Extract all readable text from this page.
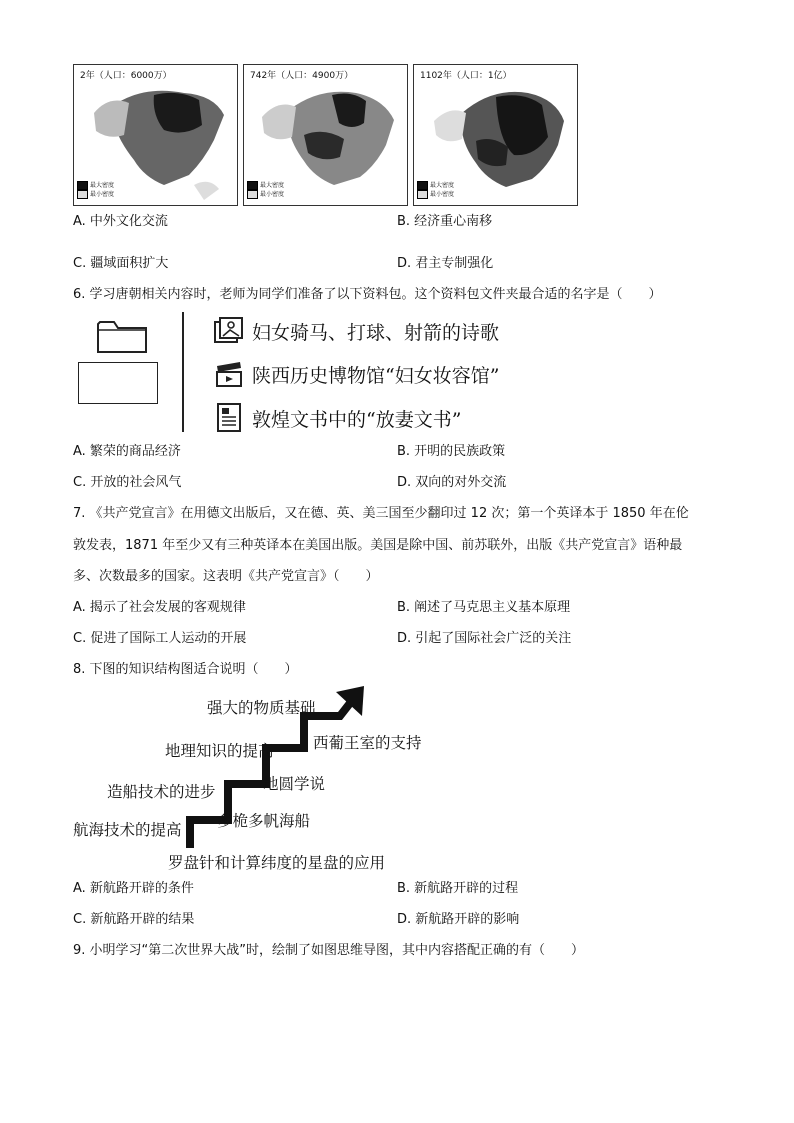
2年（人口：6000万）
最大密度
最小密度
742年（人口：4900万）
最大密度
最小密度
1102年（人口：1亿）
最大密度
最小密度
A. 中外文化交流	B. 经济重心南移
C. 疆域面积扩大	D. 君主专制强化
6. 学习唐朝相关内容时，老师为同学们准备了以下资料包。这个资料包文件夹最合适的名字是（　　）
妇女骑马、打球、射箭的诗歌
陕西历史博物馆“妇女妆容馆”
敦煌文书中的“放妻文书”
A. 繁荣的商品经济	B. 开明的民族政策
C. 开放的社会风气	D. 双向的对外交流
7. 《共产党宣言》在用德文出版后，又在德、英、美三国至少翻印过 12 次；第一个英译本于 1850 年在伦
敦发表，1871 年至少又有三种英译本在美国出版。美国是除中国、前苏联外，出版《共产党宣言》语种最
多、次数最多的国家。这表明《共产党宣言》（　　）
A. 揭示了社会发展的客观规律	B. 阐述了马克思主义基本原理
C. 促进了国际工人运动的开展	D. 引起了国际社会广泛的关注
8. 下图的知识结构图适合说明（　　）
强大的物质基础
地理知识的提高
造船技术的进步
航海技术的提高
西葡王室的支持
地圆学说
多桅多帆海船
罗盘针和计算纬度的星盘的应用
A. 新航路开辟的条件	B. 新航路开辟的过程
C. 新航路开辟的结果	D. 新航路开辟的影响
9. 小明学习“第二次世界大战”时，绘制了如图思维导图，其中内容搭配正确的有（　　）
